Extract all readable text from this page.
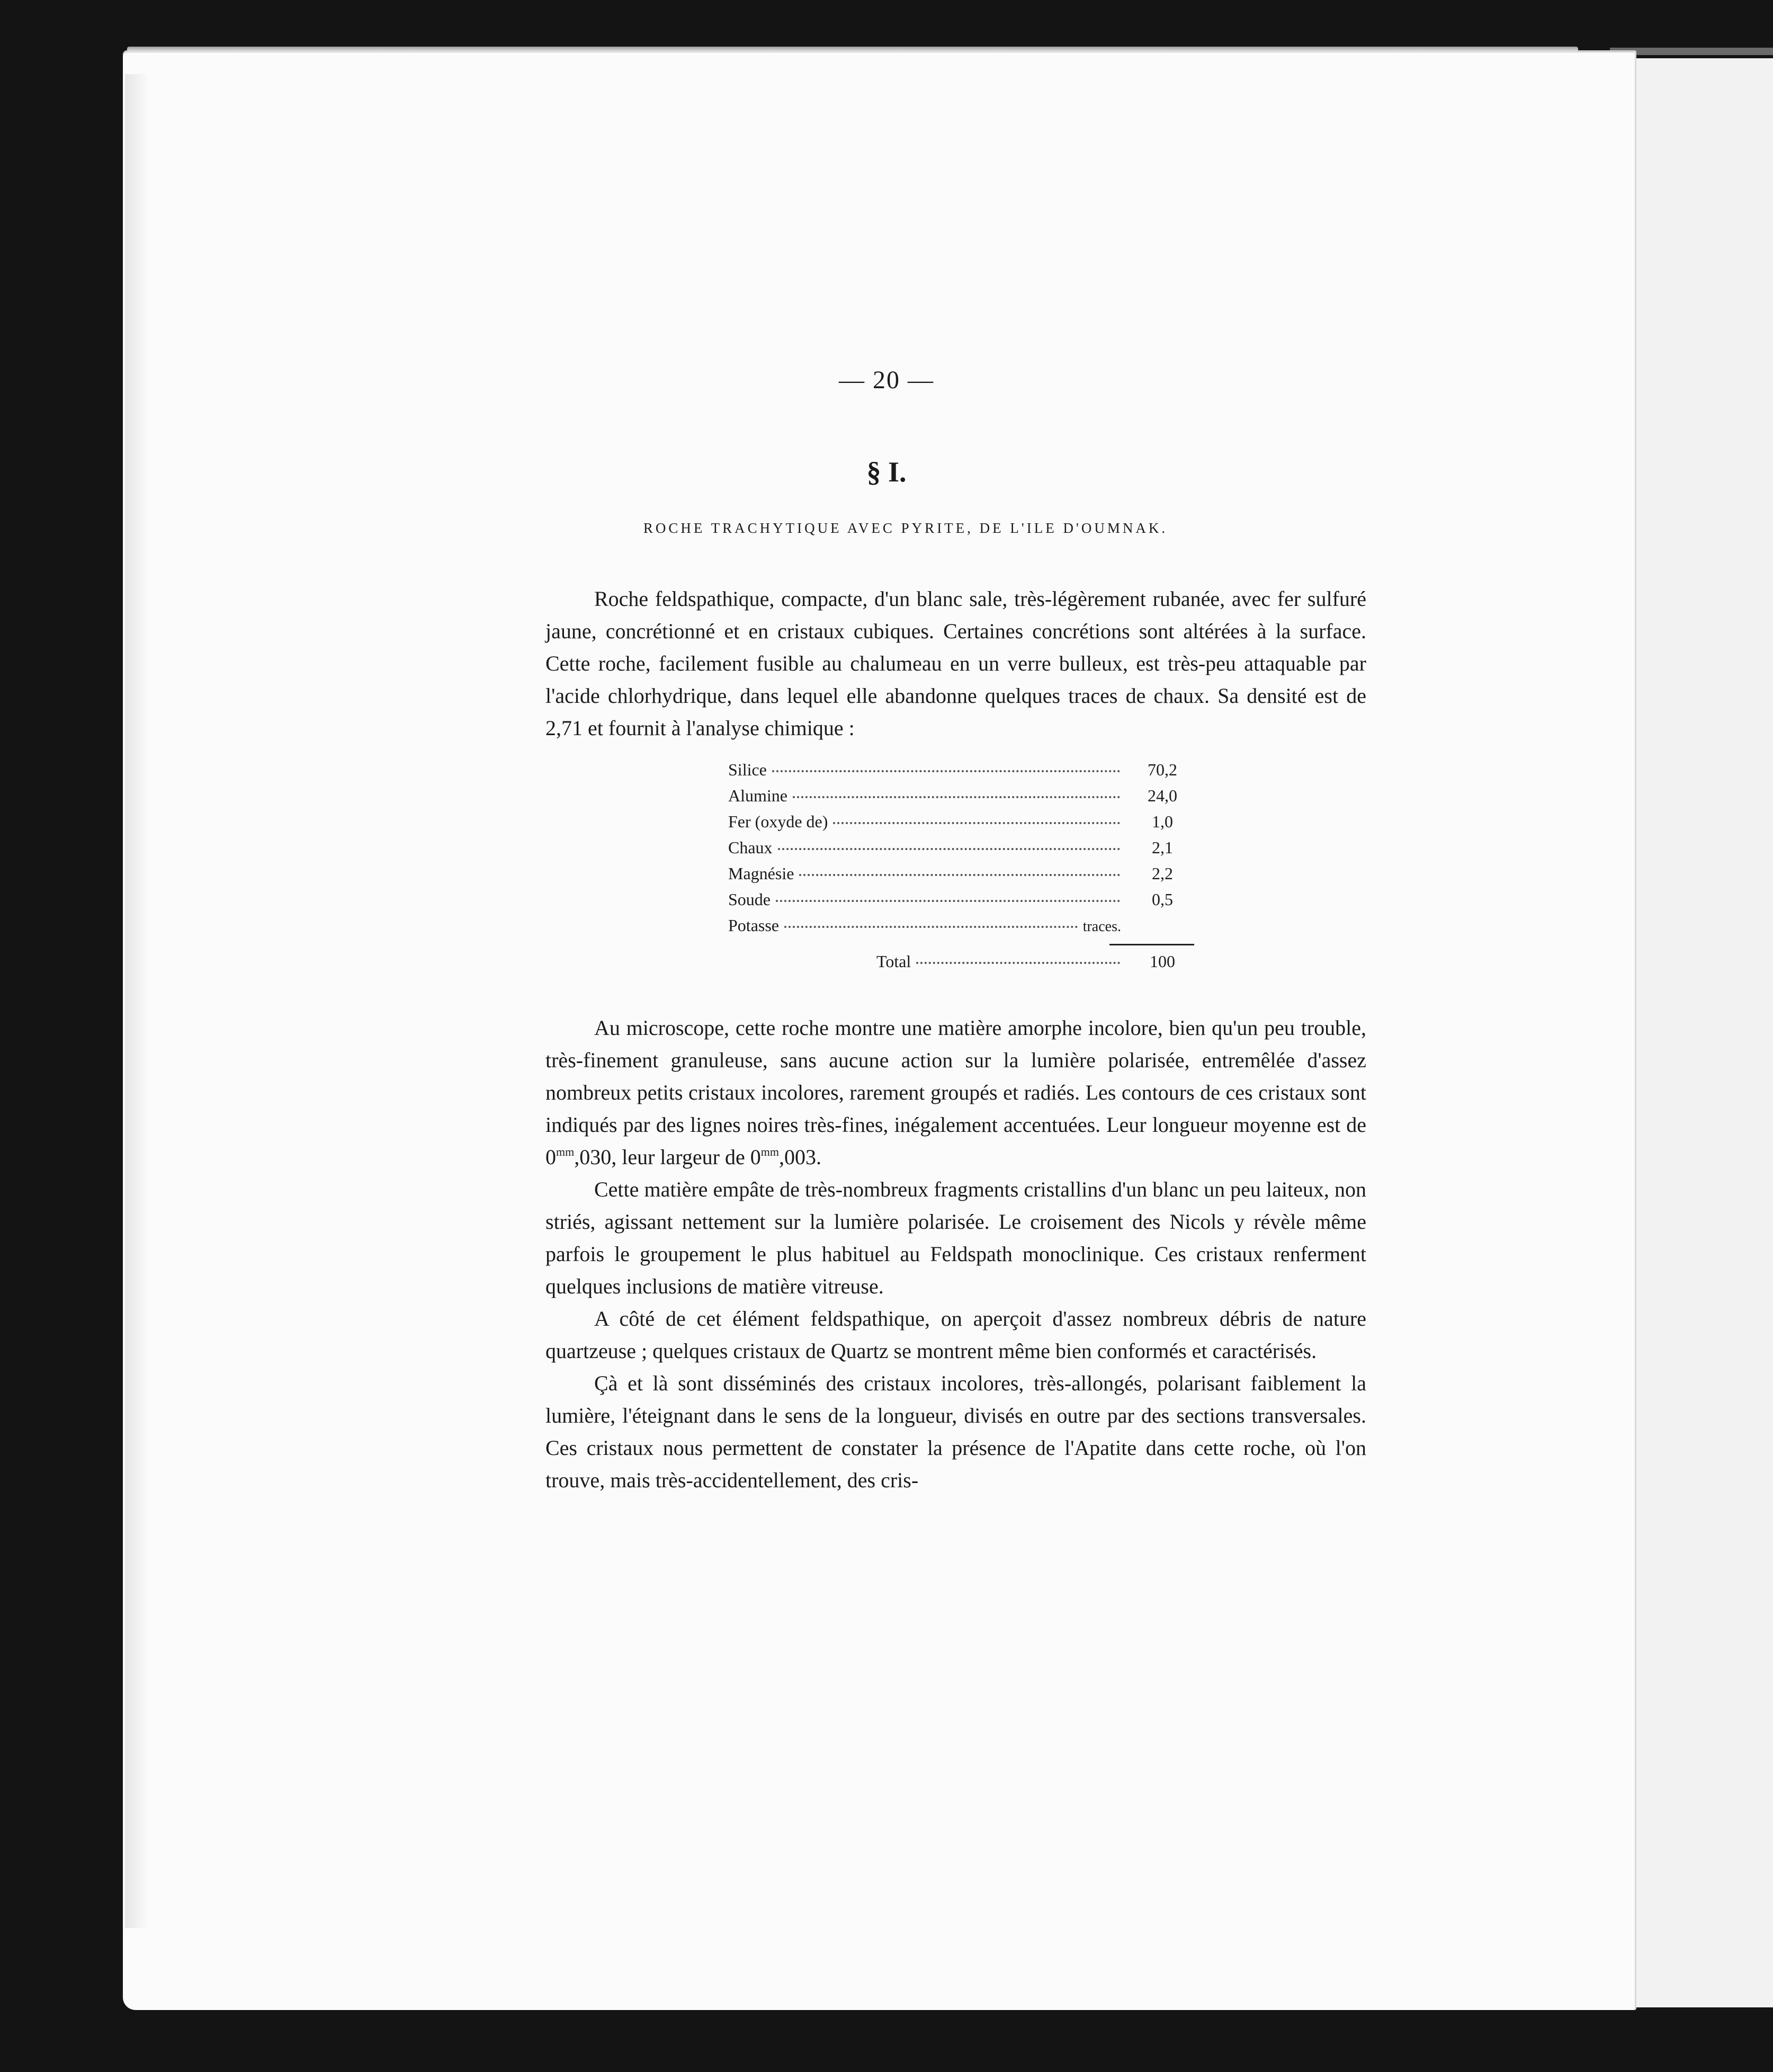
— 20 —
§ I.
ROCHE TRACHYTIQUE AVEC PYRITE, DE L'ILE D'OUMNAK.

Roche feldspathique, compacte, d'un blanc sale, très-légèrement rubanée, avec fer sulfuré jaune, concrétionné et en cristaux cubiques. Certaines concrétions sont altérées à la surface. Cette roche, facilement fusible au chalumeau en un verre bulleux, est très-peu attaquable par l'acide chlorhydrique, dans lequel elle abandonne quelques traces de chaux. Sa densité est de 2,71 et fournit à l'analyse chimique :

Silice	70,2
Alumine	24,0
Fer (oxyde de)	1,0
Chaux	2,1
Magnésie	2,2
Soude	0,5
Potasse	traces.
Total	100

Au microscope, cette roche montre une matière amorphe incolore, bien qu'un peu trouble, très-finement granuleuse, sans aucune action sur la lumière polarisée, entremêlée d'assez nombreux petits cristaux incolores, rarement groupés et radiés. Les contours de ces cristaux sont indiqués par des lignes noires très-fines, inégalement accentuées. Leur longueur moyenne est de $0^{mm},030$, leur largeur de $0^{mm},003$.

Cette matière empâte de très-nombreux fragments cristallins d'un blanc un peu laiteux, non striés, agissant nettement sur la lumière polarisée. Le croisement des Nicols y révèle même parfois le groupement le plus habituel au Feldspath monoclinique. Ces cristaux renferment quelques inclusions de matière vitreuse.

A côté de cet élément feldspathique, on aperçoit d'assez nombreux débris de nature quartzeuse ; quelques cristaux de Quartz se montrent même bien conformés et caractérisés.

Çà et là sont disséminés des cristaux incolores, très-allongés, polarisant faiblement la lumière, l'éteignant dans le sens de la longueur, divisés en outre par des sections transversales. Ces cristaux nous permettent de constater la présence de l'Apatite dans cette roche, où l'on trouve, mais très-accidentellement, des cris-
